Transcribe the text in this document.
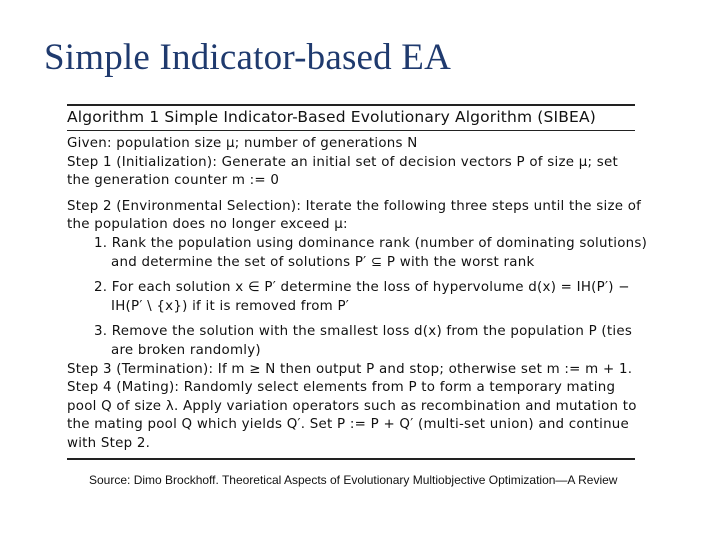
Simple Indicator-based EA
Algorithm 1 Simple Indicator-Based Evolutionary Algorithm (SIBEA)
Given: population size μ; number of generations N
Step 1 (Initialization): Generate an initial set of decision vectors P of size μ; set
the generation counter m := 0
Step 2 (Environmental Selection): Iterate the following three steps until the size of
the population does no longer exceed μ:
1. Rank the population using dominance rank (number of dominating solutions)
and determine the set of solutions P′ ⊆ P with the worst rank
2. For each solution x ∈ P′ determine the loss of hypervolume d(x) = IH(P′) −
IH(P′ \ {x}) if it is removed from P′
3. Remove the solution with the smallest loss d(x) from the population P (ties
are broken randomly)
Step 3 (Termination): If m ≥ N then output P and stop; otherwise set m := m + 1.
Step 4 (Mating): Randomly select elements from P to form a temporary mating
pool Q of size λ. Apply variation operators such as recombination and mutation to
the mating pool Q which yields Q′. Set P := P + Q′ (multi-set union) and continue
with Step 2.
Source: Dimo Brockhoff. Theoretical Aspects of Evolutionary Multiobjective Optimization—A Review
